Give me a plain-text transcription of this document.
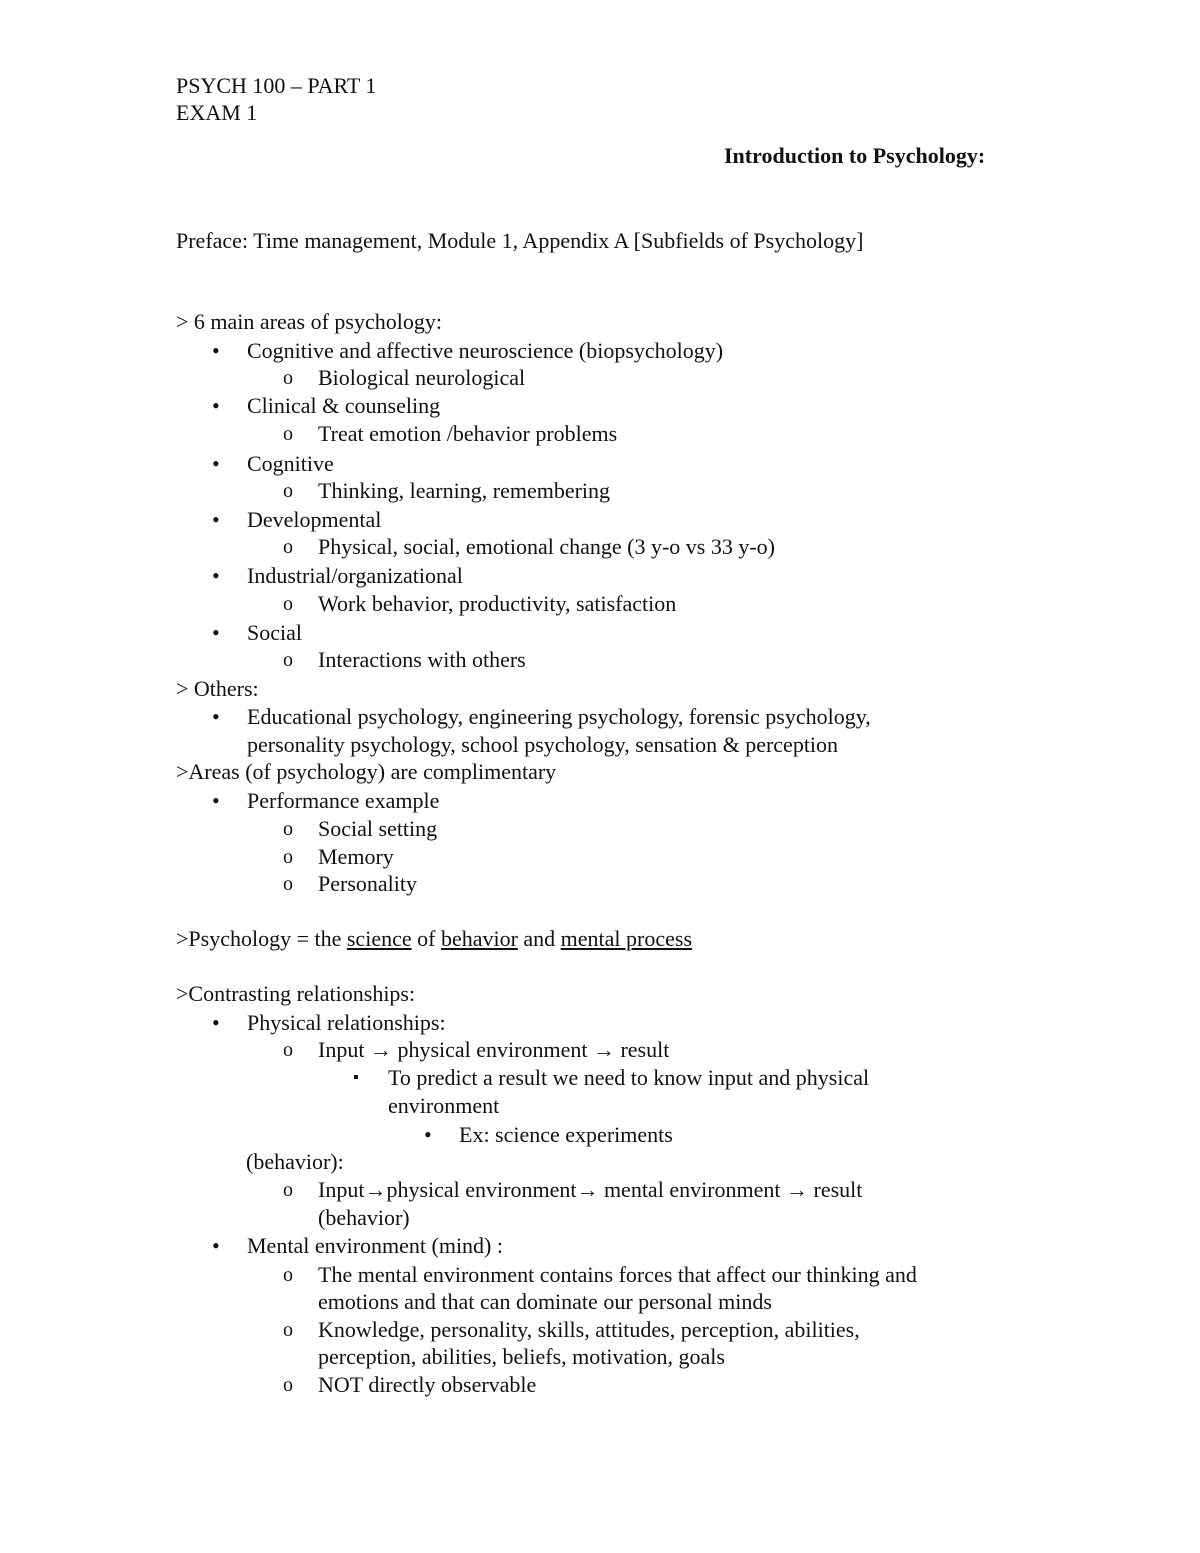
PSYCH 100 – PART 1
EXAM 1
Introduction to Psychology:
Preface: Time management, Module 1, Appendix A [Subfields of Psychology]
> 6 main areas of psychology:
• Cognitive and affective neuroscience (biopsychology)
o Biological neurological
• Clinical & counseling
o Treat emotion /behavior problems
• Cognitive
o Thinking, learning, remembering
• Developmental
o Physical, social, emotional change (3 y-o vs 33 y-o)
• Industrial/organizational
o Work behavior, productivity, satisfaction
• Social
o Interactions with others
> Others:
• Educational psychology, engineering psychology, forensic psychology,
personality psychology, school psychology, sensation & perception
>Areas (of psychology) are complimentary
• Performance example
o Social setting
o Memory
o Personality
>Psychology = the science of behavior and mental process
>Contrasting relationships:
• Physical relationships:
o Input → physical environment → result
▪ To predict a result we need to know input and physical
environment
• Ex: science experiments
(behavior):
o Input→physical environment→ mental environment → result
(behavior)
• Mental environment (mind) :
o The mental environment contains forces that affect our thinking and
emotions and that can dominate our personal minds
o Knowledge, personality, skills, attitudes, perception, abilities,
perception, abilities, beliefs, motivation, goals
o NOT directly observable
